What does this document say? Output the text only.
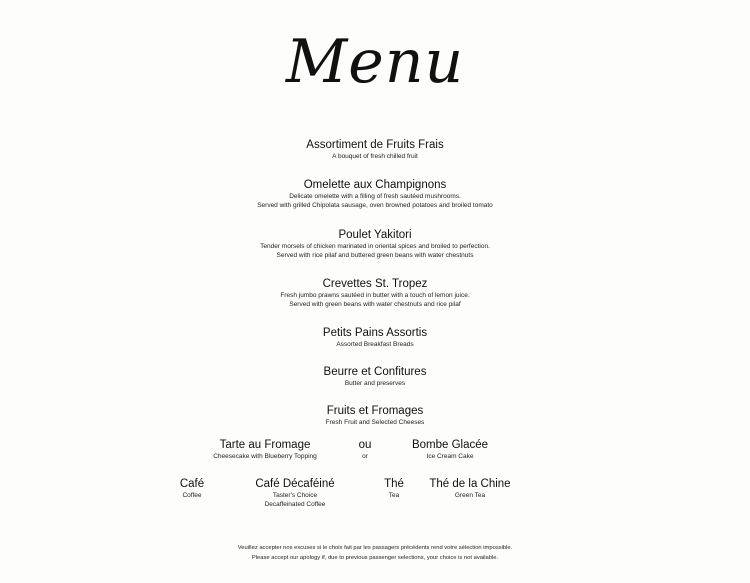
Menu
Assortiment de Fruits Frais
A bouquet of fresh chilled fruit
Omelette aux Champignons
Delicate omelette with a filling of fresh sautéed mushrooms.
Served with grilled Chipolata sausage, oven browned potatoes and broiled tomato
Poulet Yakitori
Tender morsels of chicken marinated in oriental spices and broiled to perfection.
Served with rice pilaf and buttered green beans with water chestnuts
Crevettes St. Tropez
Fresh jumbo prawns sautéed in butter with a touch of lemon juice.
Served with green beans with water chestnuts and rice pilaf
Petits Pains Assortis
Assorted Breakfast Breads
Beurre et Confitures
Butter and preserves
Fruits et Fromages
Fresh Fruit and Selected Cheeses
Tarte au Fromage
Cheesecake with Blueberry Topping
ou
or
Bombe Glacée
Ice Cream Cake
Café
Coffee
Café Décaféiné
Taster's Choice
Decaffeinated Coffee
Thé
Tea
Thé de la Chine
Green Tea
Veuillez accepter nos excuses si le choix fait par les passagers précédents rend votre sélection impossible.
Please accept our apology if, due to previous passenger selections, your choice is not available.
